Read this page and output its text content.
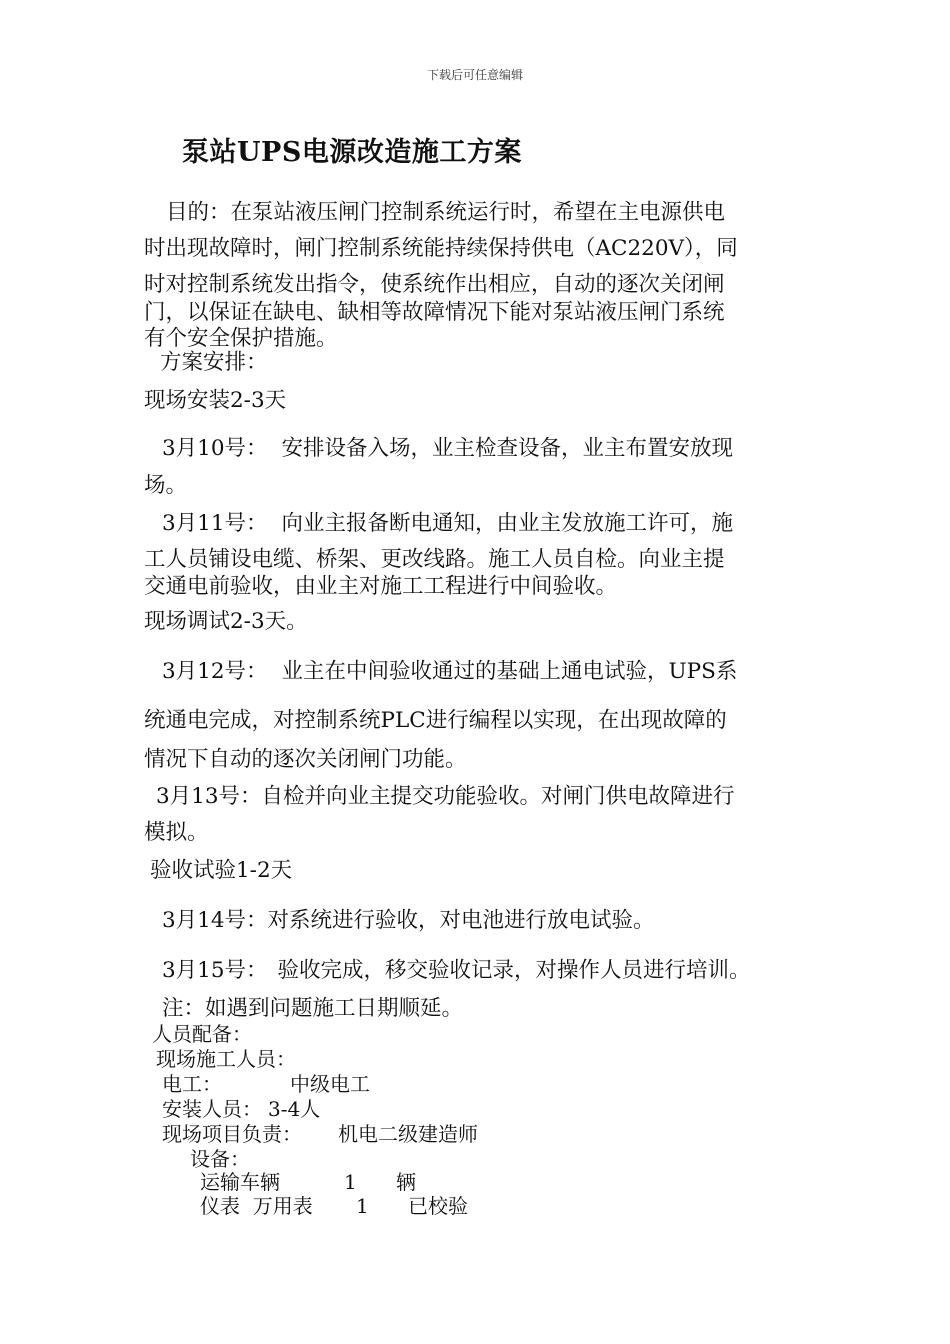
下载后可任意编辑
泵站UPS电源改造施工方案
目的：在泵站液压闸门控制系统运行时，希望在主电源供电
时出现故障时，闸门控制系统能持续保持供电（AC220V），同
时对控制系统发出指令，使系统作出相应，自动的逐次关闭闸
门，以保证在缺电、缺相等故障情况下能对泵站液压闸门系统
有个安全保护措施。
方案安排：
现场安装2-3天
3月10号： 安排设备入场，业主检查设备，业主布置安放现
场。
3月11号： 向业主报备断电通知，由业主发放施工许可，施
工人员铺设电缆、桥架、更改线路。施工人员自检。向业主提
交通电前验收，由业主对施工工程进行中间验收。
现场调试2-3天。
3月12号： 业主在中间验收通过的基础上通电试验，UPS系
统通电完成，对控制系统PLC进行编程以实现，在出现故障的
情况下自动的逐次关闭闸门功能。
3月13号：自检并向业主提交功能验收。对闸门供电故障进行
模拟。
验收试验1-2天
3月14号：对系统进行验收，对电池进行放电试验。
3月15号： 验收完成，移交验收记录，对操作人员进行培训。
注：如遇到问题施工日期顺延。
人员配备：
现场施工人员：
电工：	中级电工
安装人员： 3-4人
现场项目负责： 机电二级建造师
设备：
运输车辆	1 辆
仪表  万用表 1 已校验
